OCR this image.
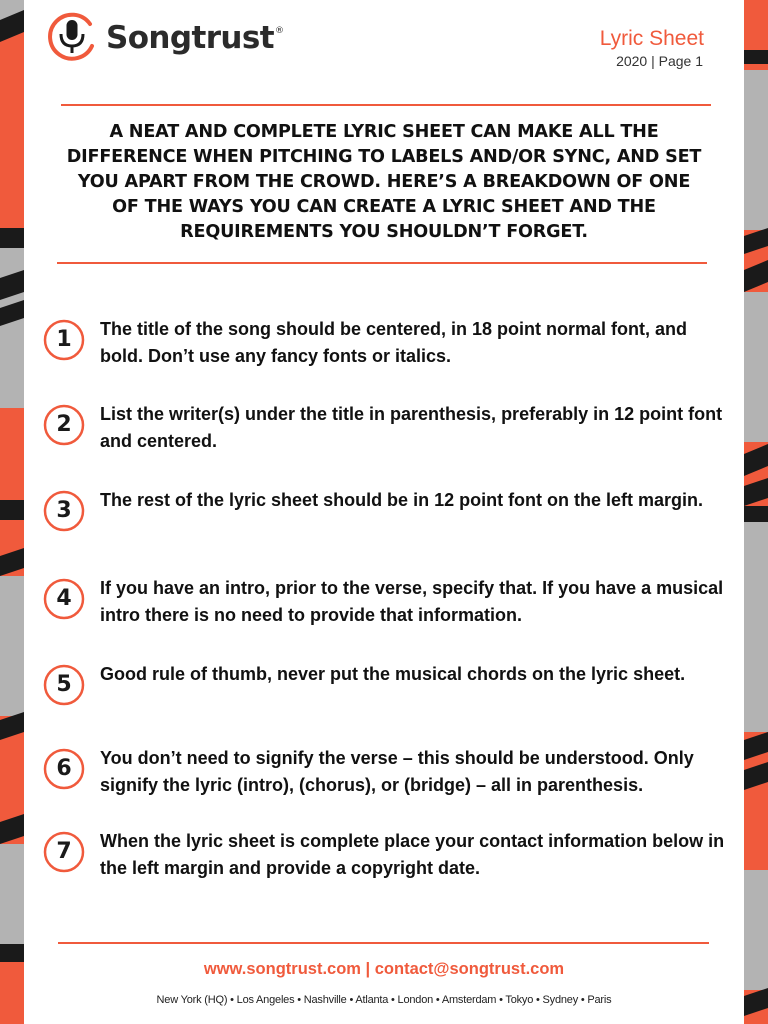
Songtrust®	Lyric Sheet
2020 | Page 1
A NEAT AND COMPLETE LYRIC SHEET CAN MAKE ALL THE DIFFERENCE WHEN PITCHING TO LABELS AND/OR SYNC, AND SET YOU APART FROM THE CROWD. HERE’S A BREAKDOWN OF ONE OF THE WAYS YOU CAN CREATE A LYRIC SHEET AND THE REQUIREMENTS YOU SHOULDN’T FORGET.
1	The title of the song should be centered, in 18 point normal font, and bold. Don’t use any fancy fonts or italics.
2	List the writer(s) under the title in parenthesis, preferably in 12 point font and centered.
3	The rest of the lyric sheet should be in 12 point font on the left margin.
4	If you have an intro, prior to the verse, specify that. If you have a musical intro there is no need to provide that information.
5	Good rule of thumb, never put the musical chords on the lyric sheet.
6	You don’t need to signify the verse – this should be understood. Only signify the lyric (intro), (chorus), or (bridge) – all in parenthesis.
7	When the lyric sheet is complete place your contact information below in the left margin and provide a copyright date.
www.songtrust.com | contact@songtrust.com
New York (HQ) • Los Angeles • Nashville • Atlanta • London • Amsterdam • Tokyo • Sydney • Paris
